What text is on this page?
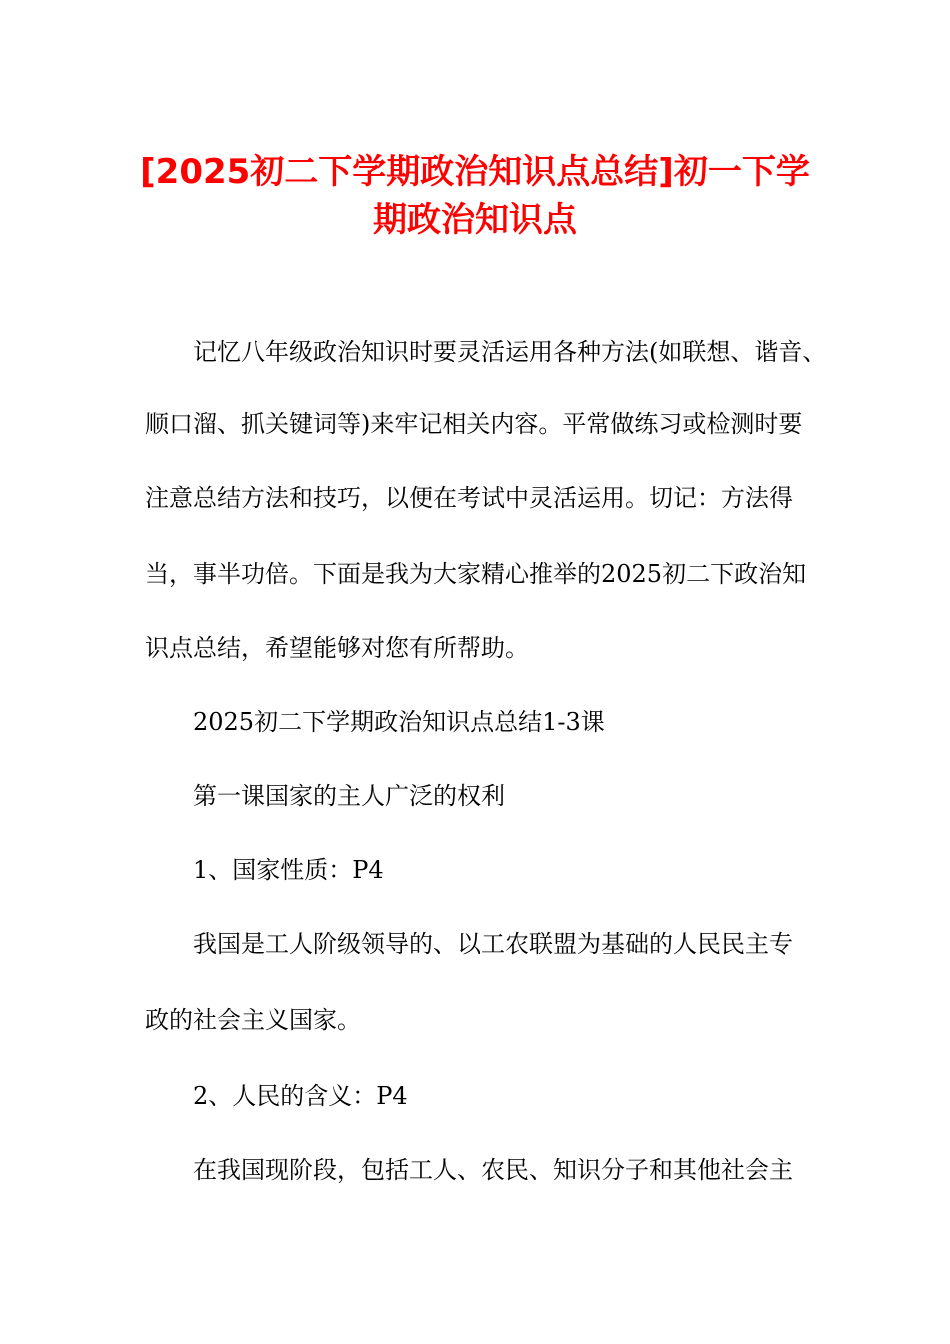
[2025初二下学期政治知识点总结]初一下学
期政治知识点

记忆八年级政治知识时要灵活运用各种方法(如联想、谐音、

顺口溜、抓关键词等)来牢记相关内容。平常做练习或检测时要

注意总结方法和技巧，以便在考试中灵活运用。切记：方法得

当，事半功倍。下面是我为大家精心推举的2025初二下政治知

识点总结，希望能够对您有所帮助。

2025初二下学期政治知识点总结1-3课

第一课国家的主人广泛的权利

1、国家性质：P4

我国是工人阶级领导的、以工农联盟为基础的人民民主专

政的社会主义国家。

2、人民的含义：P4

在我国现阶段，包括工人、农民、知识分子和其他社会主
